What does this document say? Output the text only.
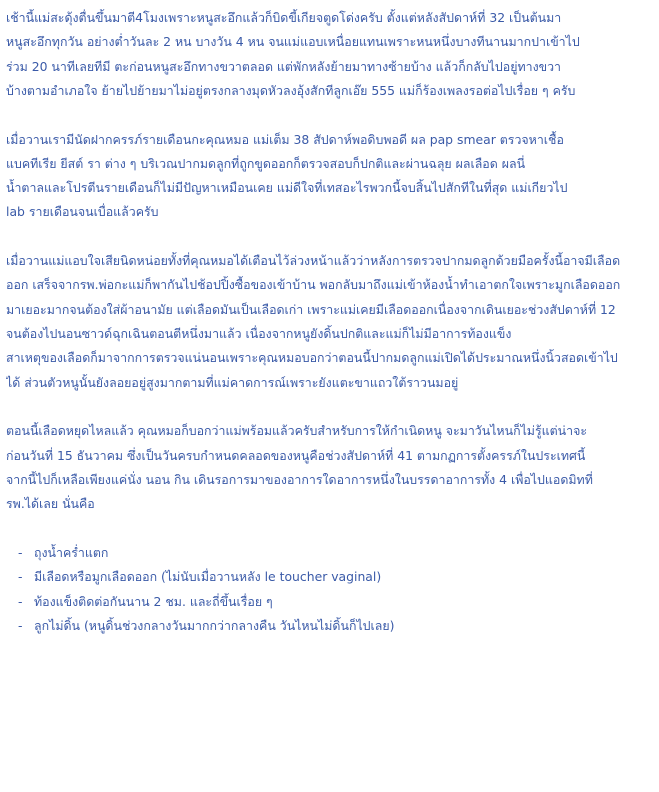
เช้านี้แม่สะดุ้งตื่นขึ้นมาตี4โมงเพราะหนูสะอึกแล้วก็บิดขี้เกียจตูดโด่งครับ ตั้งแต่หลังสัปดาห์ที่ 32 เป็นต้นมา
หนูสะอึกทุกวัน อย่างต่ำวันละ 2 หน บางวัน 4 หน จนแม่แอบเหนื่อยแทนเพราะหนหนึ่งบางทีนานมากปาเข้าไป
ร่วม 20 นาทีเลยทีมี ตะก่อนหนูสะอึกทางขวาตลอด แต่พักหลังย้ายมาทางซ้ายบ้าง แล้วก็กลับไปอยู่ทางขวา
บ้างตามอำเภอใจ ย้ายไปย้ายมาไม่อยู่ตรงกลางมุดหัวลงอุ้งสักทีลูกเอ๊ย 555 แม่ก็ร้องเพลงรอต่อไปเรื่อย ๆ ครับ

เมื่อวานเรามีนัดฝากครรภ์รายเดือนกะคุณหมอ แม่เต็ม 38 สัปดาห์พอดิบพอดี ผล pap smear ตรวจหาเชื้อ
แบคทีเรีย ยีสต์ รา ต่าง ๆ บริเวณปากมดลูกที่ถูกขูดออกก็ตรวจสอบก็ปกติและผ่านฉลุย ผลเลือด ผลนี่
น้ำตาลและโปรตีนรายเดือนก็ไม่มีปัญหาเหมือนเคย แม่ดีใจที่เทสอะไรพวกนี้จบสิ้นไปสักทีในที่สุด แม่เกียวไป
lab รายเดือนจนเบื่อแล้วครับ

เมื่อวานแม่แอบใจเสียนิดหน่อยทั้งที่คุณหมอได้เตือนไว้ล่วงหน้าแล้วว่าหลังการตรวจปากมดลูกด้วยมือครั้งนี้อาจมีเลือด
ออก เสร็จจากรพ.พ่อกะแม่ก็พากันไปช้อปปิ้งซื้อของเข้าบ้าน พอกลับมาถึงแม่เข้าห้องน้ำทำเอาตกใจเพราะมูกเลือดออก
มาเยอะมากจนต้องใส่ผ้าอนามัย แต่เลือดมันเป็นเลือดเก่า เพราะแม่เคยมีเลือดออกเนื่องจากเดินเยอะช่วงสัปดาห์ที่ 12
จนต้องไปนอนซาวด์ฉุกเฉินตอนตีหนึ่งมาแล้ว เนื่องจากหนูยังดิ้นปกติและแม่ก็ไม่มีอาการท้องแข็ง
สาเหตุของเลือดก็มาจากการตรวจแน่นอนเพราะคุณหมอบอกว่าตอนนี้ปากมดลูกแม่เปิดได้ประมาณหนึ่งนิ้วสอดเข้าไป
ได้ ส่วนตัวหนูนั้นยังลอยอยู่สูงมากตามที่แม่คาดการณ์เพราะยังแตะขาแถวใต้ราวนมอยู่

ตอนนี้เลือดหยุดไหลแล้ว คุณหมอก็บอกว่าแม่พร้อมแล้วครับสำหรับการให้กำเนิดหนู จะมาวันไหนก็ไม่รู้แต่น่าจะ
ก่อนวันที่ 15 ธันวาคม ซึ่งเป็นวันครบกำหนดคลอดของหนูคือช่วงสัปดาห์ที่ 41 ตามกฏการตั้งครรภ์ในประเทศนี้
จากนี้ไปก็เหลือเพียงแค่นั่ง นอน กิน เดินรอการมาของอาการใดอาการหนึ่งในบรรดาอาการทั้ง 4 เพื่อไปแอดมิทที่
รพ.ได้เลย นั่นคือ

- ถุงน้ำคร่ำแตก
- มีเลือดหรือมูกเลือดออก (ไม่นับเมื่อวานหลัง le toucher vaginal)
- ท้องแข็งติดต่อกันนาน 2 ชม. และถี่ขึ้นเรื่อย ๆ
- ลูกไม่ดิ้น (หนูดิ้นช่วงกลางวันมากกว่ากลางคืน วันไหนไม่ดิ้นก็ไปเลย)
